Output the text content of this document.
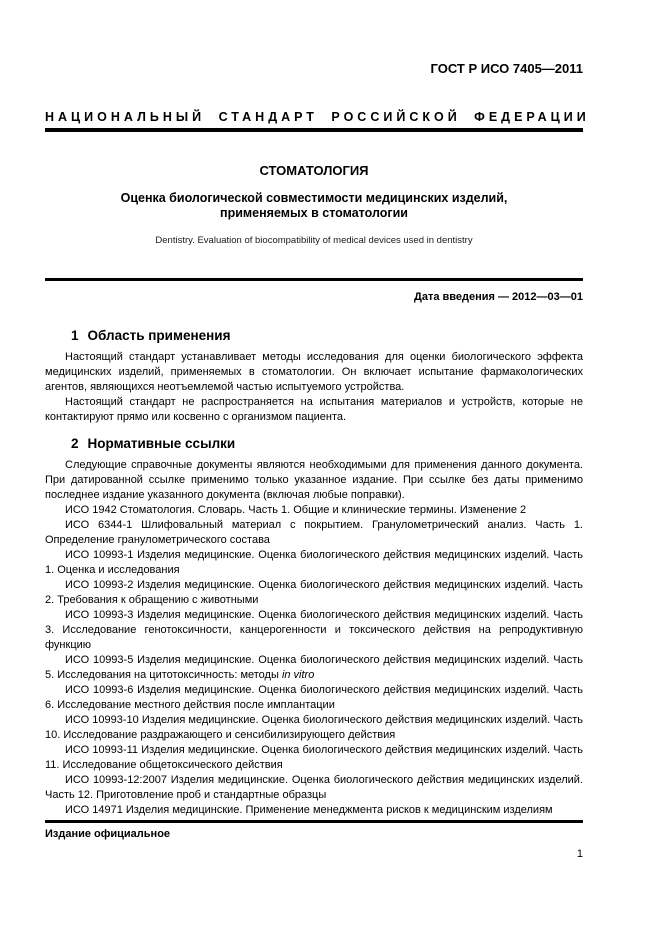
ГОСТ Р ИСО 7405—2011
НАЦИОНАЛЬНЫЙ СТАНДАРТ РОССИЙСКОЙ ФЕДЕРАЦИИ
СТОМАТОЛОГИЯ
Оценка биологической совместимости медицинских изделий,
применяемых в стоматологии
Dentistry. Evaluation of biocompatibility of medical devices used in dentistry
Дата введения — 2012—03—01
1 Область применения

Настоящий стандарт устанавливает методы исследования для оценки биологического эффекта медицинских изделий, применяемых в стоматологии. Он включает испытание фармакологических агентов, являющихся неотъемлемой частью испытуемого устройства.

Настоящий стандарт не распространяется на испытания материалов и устройств, которые не контактируют прямо или косвенно с организмом пациента.

2 Нормативные ссылки

Следующие справочные документы являются необходимыми для применения данного документа. При датированной ссылке применимо только указанное издание. При ссылке без даты применимо последнее издание указанного документа (включая любые поправки).

ИСО 1942 Стоматология. Словарь. Часть 1. Общие и клинические термины. Изменение 2

ИСО 6344-1 Шлифовальный материал с покрытием. Гранулометрический анализ. Часть 1. Определение гранулометрического состава

ИСО 10993-1 Изделия медицинские. Оценка биологического действия медицинских изделий. Часть 1. Оценка и исследования

ИСО 10993-2 Изделия медицинские. Оценка биологического действия медицинских изделий. Часть 2. Требования к обращению с животными

ИСО 10993-3 Изделия медицинские. Оценка биологического действия медицинских изделий. Часть 3. Исследование генотоксичности, канцерогенности и токсического действия на репродуктивную функцию

ИСО 10993-5 Изделия медицинские. Оценка биологического действия медицинских изделий. Часть 5. Исследования на цитотоксичность: методы in vitro

ИСО 10993-6 Изделия медицинские. Оценка биологического действия медицинских изделий. Часть 6. Исследование местного действия после имплантации

ИСО 10993-10 Изделия медицинские. Оценка биологического действия медицинских изделий. Часть 10. Исследование раздражающего и сенсибилизирующего действия

ИСО 10993-11 Изделия медицинские. Оценка биологического действия медицинских изделий. Часть 11. Исследование общетоксического действия

ИСО 10993-12:2007 Изделия медицинские. Оценка биологического действия медицинских изделий. Часть 12. Приготовление проб и стандартные образцы

ИСО 14971 Изделия медицинские. Применение менеджмента рисков к медицинским изделиям

Издание официальное
1
